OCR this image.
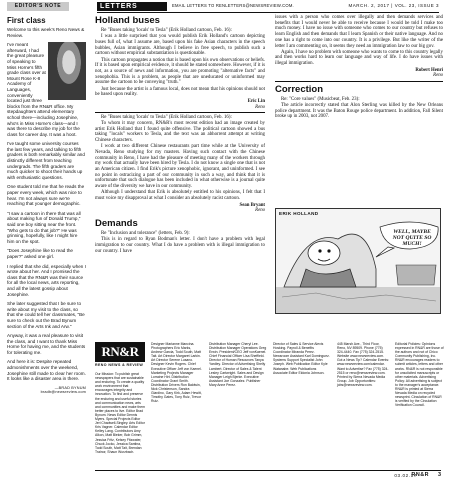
EDITOR'S NOTE	LETTERS	EMAIL LETTERS TO RENLETTERS@NEWSREVIEW.COM.	MARCH. 2, 2017 | VOL. 23, ISSUE 3
First class

Welcome to this week's Reno News & Review.

I've meant afterward, I had the great pleasure of speaking to Miss Horne's fifth grade class over at Mount Rose K-8 Academy of Languages, conveniently located just three blocks from the RN&R office. My stepdaughters attend elementary school there—including Josephine, who's in Miss Horne's class—and I was there to describe my job for the class for career day. It was a hoot.

I've taught some university courses the last few years, and talking to fifth graders is both remarkably similar and distinctly different from teaching undergrads. The fifth graders are much quicker to shoot their hands up with enthusiastic questions.

One student told me that he reads the paper every week, which was nice to hear. I'm not always sure we're reaching that younger demographic.

"I saw a cartoon in there that was all about making fun of Donald Trump," said one boy sitting near the front. "Who gets to do that job?" He was grinning, hopefully, like I might hire him on the spot.

"Does Josephine like to read the paper?" asked one girl.

I replied that she did, especially when I wrote about her. And I promised the class that the RN&R was their source for all the local news, arts reporting, and all the latest gossip about Josephine.

She later suggested that I be sure to write about my visit to the class, so that she could tell her classmates, "Be sure to check out the Brad Bynum section of the Arts Ink and Arw."

Anyway, it was a real pleasure to visit the class, and I want to thank Miss Horne for having me, and the students for tolerating me.

And here it is: Despite repeated admonishments over the weekend, Josephine still made to clear her room. It looks like a disaster area in there.

—BRAD BYNUM
bradb@newsreview.com
Holland buses

Re "Buses taking 'locals' to Tesla" (Erik Holland cartoon, Feb. 16):

I was a little surprised that you would publish Erik Holland's cartoon depicting buses full of, what I assume are, based upon his fake Asian characters in the speech bubbles, Asian immigrants. Although I believe in free speech, to publish such a cartoon without empirical substantiation is questionable.

This cartoon propagates a notion that is based upon his own observations or beliefs. If it is based upon empirical evidence, it should be stated somewhere. However, if it is not, as a source of news and information, you are promoting "alternative facts" and xenophobia. This is a problem, as people that are uneducated or uninformed may assume the cartoon to be conveying "truth."

Just because the artist is a famous local, does not mean that his opinions should not be based upon reality.

Eric Lin
Reno

Re "Buses taking 'locals' to Tesla" (Erik Holland cartoon, Feb. 16):

To whom it may concern, RN&R's most recent edition had an image created by artist Erik Holland that I found quite offensive. The political cartoon showed a bus taking "locals" workers to Tesla, and the text was an abhorrent attempt at writing Chinese characters.

I work at two different Chinese restaurants part time while at the University of Nevada, Reno studying for my masters. Having such contact with the Chinese community in Reno, I have had the pleasure of meeting many of the workers through my work that actually have been hired by Tesla. I do not know a single one that is not an American citizen. I find Erik's picture xenophobic, ignorant, and uninformed. I see no point in ostracizing a part of our community in such a way, and think that it is unfortunate that such dialogue has been included in what otherwise is a journal quite aware of the diversity we have in our community.

Although I understand that Erik is absolutely entitled to his opinions, I felt that I must voice my disapproval at what I consider an absolutely racist cartoon.

Sean Bryant
Reno
Demands

Re "Inclusion and tolerance" (letters, Feb. 9):

This is in regard to Ryan Bodman's letter. I don't have a problem with legal immigration to our country. What I do have a problem with is illegal immigration to our country. I have

issues with a person who comes over illegally and then demands services and benefits that I would never be able to receive because I would be told I make too much money. I have no issue with someone who comes to our country but refuses to learn English and then demands that I learn Spanish or their native language. And no one has a right to come into our country. It is a privilege. But like the writer of the letter I am commenting on, it seems they need an immigration law to our big gov.

Again, I have no problem with someone who wants to come to this country legally and then works hard to learn our language and way of life. I do have issues with illegal immigration.

Robert Henri
Reno
Correction

Re: "Core values" (Musicbeat, Feb. 23):

The article incorrectly stated that Alon Sterling was killed by the New Orleans police department. It was the Baton Rouge police department. In addition, Fall Silent broke up in 2003, not 2007.

ERIK HOLLAND
WELL, MAYBE NOT QUITE SO MUCH!
RN&R
RENO NEWS & REVIEW
Our Mission: To publish great newspapers that are sustainable and enduring. To create a quality work environment that encourages integrity and innovation. To find and preserve the enduring and useful stories and communication news, arts and communities and make them better places to live. Editor Brad Bynum. News Editor Dennis Myers. Special Projects Editor Jeri Chadwell-Singley. Arts Editor Kris Vagner. Calendar Editor Kelley Lang. Contributors Amy Alkon, Matt Bieker, Bob Grimm, Jessica Fritz, Kelsey Fitzwater, Chuck Jocko, Jessica Santina, Todd South, Matt Tait, Brendan Trainor, Shaun Wurzbach.
Designer Marianne Mancina. Photographers Eric Marks, Andrew Garcia, Todd South, Matt Tait. Art Director Margaret Larkin. Art Director Serene Lusano. Designer Kevin Rogers. Chief Executive Officer Jeff von Kaenel. Marketing Projects Manager Lorraine Hirt. Distribution Coordinator Grant Smith. Distribution Drivers Ron Baldwin, Nick Christenson, Sandra Giardino, Gary Kirk, Adam Hewitt, Timothy Gates, Tony Ruiz, Trevor Ruiz.
Distribution Manager Cheryl Lee. Distribution Manager Operations Greg Erwin. President/CEO Jeff vonKaenel. Chief Financial Officer Lisa Sheffield. Director of Human Resources Tanya Yardley. Director of Advertising Shelly Lambert. Director of Sales & Talent Lesley Cartwright. Sales and Design Manager Leigh Bjerke. Executive Assistant Joe Gonzalez. Publisher Mary Anne Perez.
Director of Sales & Service Alexis Hosking. Payroll & Benefits Coordinator Miranda Perez. Newsroom Assistant Karl Dominguez. Systems Support Specialist John Joseph. Web Publication Editor Kyle Watanabe. Web Publications Associate Editor Eldonia Johnson.
445 Marsh Ave., Third Floor, Reno, NV 89509. Phone (775) 324-4440. Fax (775) 324-2515. Website www.newsreview.com. Got a News Tip? Calendar Events: www.newsreview.com/calendar. Want to Advertise? Fax (775) 324-2515 or reno@newsreview.com. Printed by Sierra Nevada Media Group. Job Opportunities: jobs@newsreview.com.
Editorial Policies: Opinions expressed in RN&R are those of the authors and not of Chico Community Publishing, Inc. RN&R encourages readers to submit articles, letters and other works. RN&R is not responsible for unsolicited manuscripts or other materials. Advertising Policy: All advertising is subject to the manager's acceptance. RN&R is printed at Sierra Nevada Media on recycled newsprint. Circulation of RN&R is verified by the Circulation Verification Council.
03.02.17
RN&R 3
